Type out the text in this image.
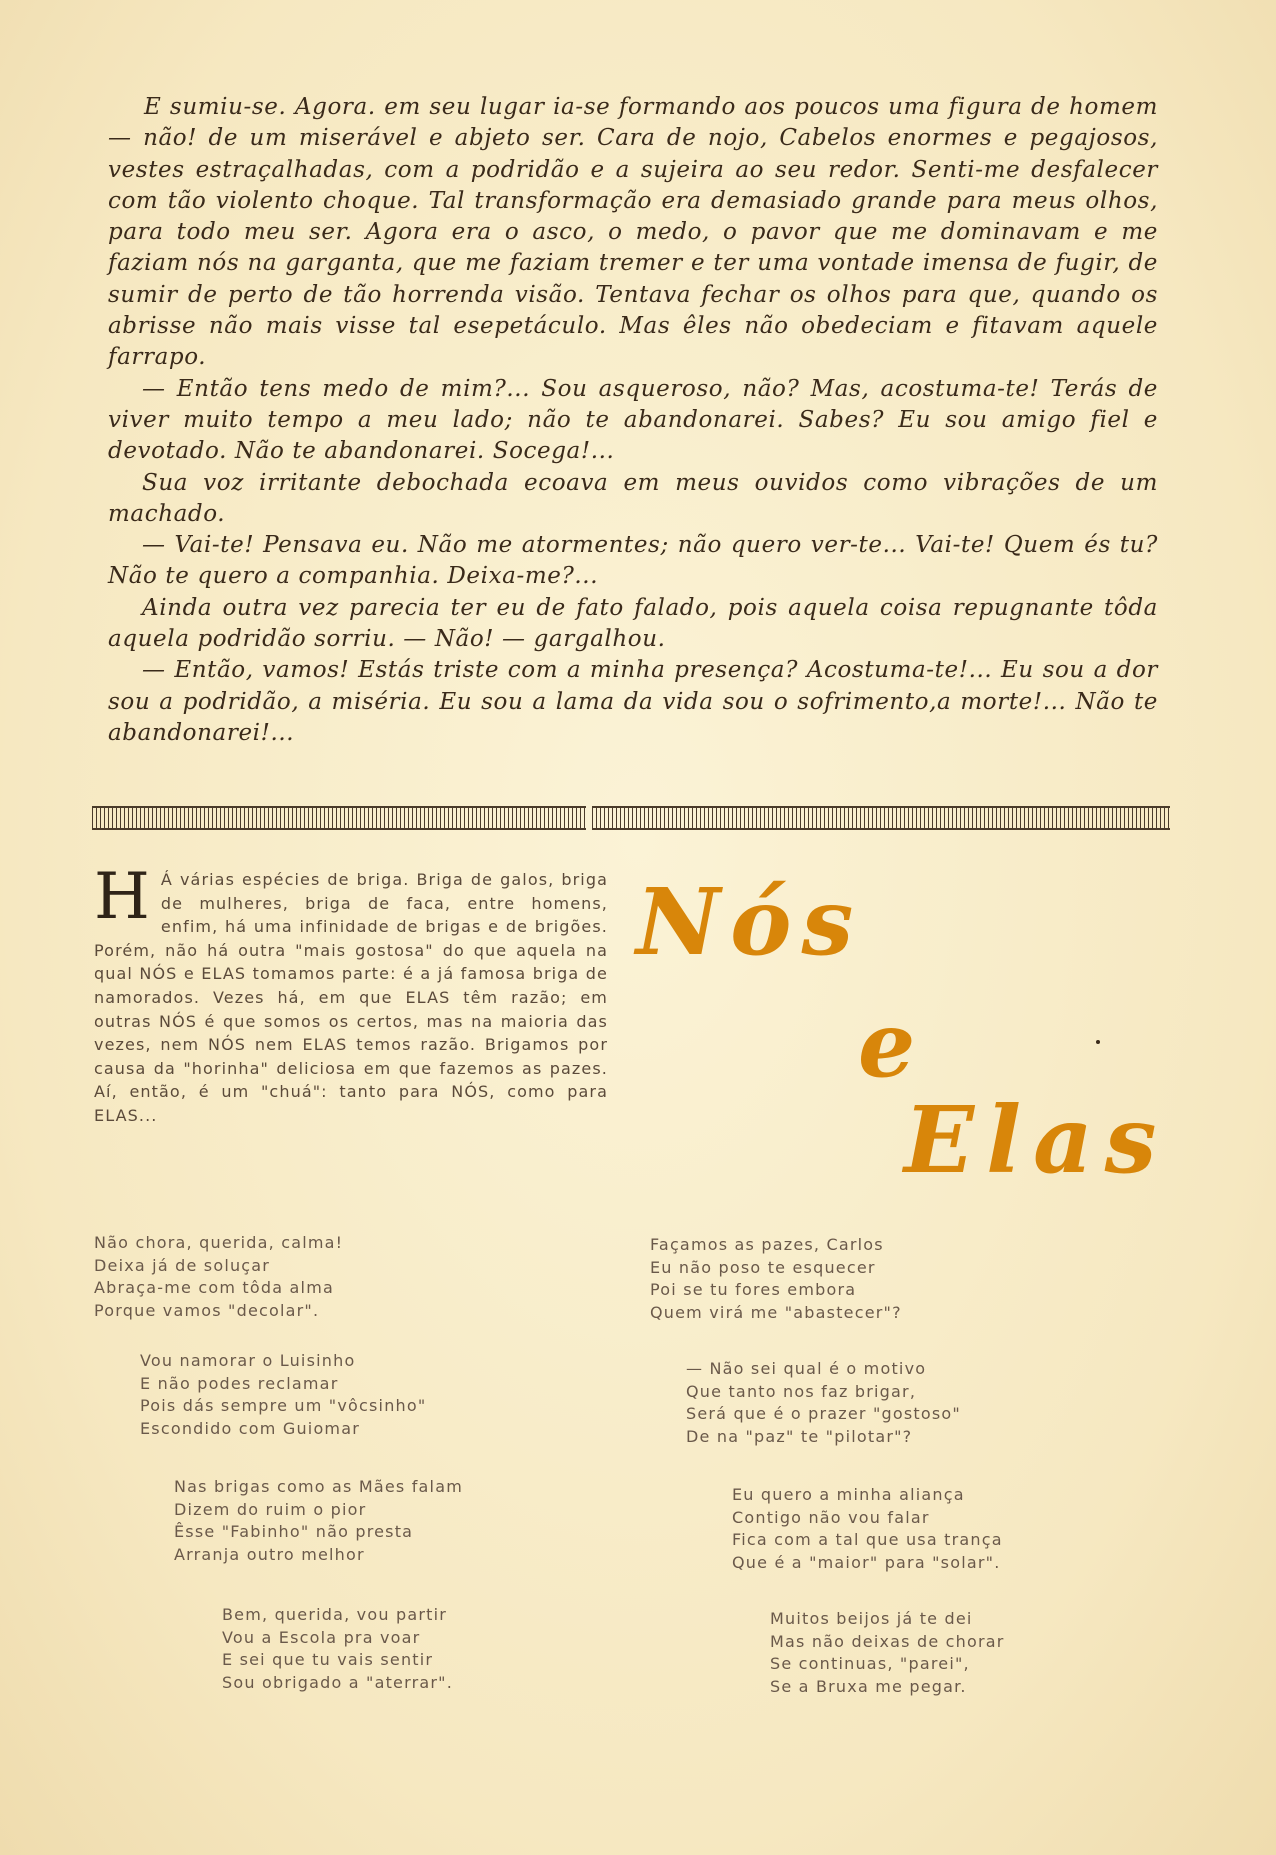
E sumiu-se. Agora. em seu lugar ia-se formando aos poucos uma figura de homem — não! de um miserável e abjeto ser. Cara de nojo, Cabelos enormes e pegajosos, vestes estraçalhadas, com a podridão e a sujeira ao seu redor. Senti-me desfalecer com tão violento choque. Tal transformação era demasiado grande para meus olhos, para todo meu ser. Agora era o asco, o medo, o pavor que me dominavam e me faziam nós na garganta, que me faziam tremer e ter uma vontade imensa de fugir, de sumir de perto de tão horrenda visão. Tentava fechar os olhos para que, quando os abrisse não mais visse tal esepetáculo. Mas êles não obedeciam e fitavam aquele farrapo.

— Então tens medo de mim?... Sou asqueroso, não? Mas, acostuma-te! Terás de viver muito tempo a meu lado; não te abandonarei. Sabes? Eu sou amigo fiel e devotado. Não te abandonarei. Socega!...

Sua voz irritante debochada ecoava em meus ouvidos como vibrações de um machado.

— Vai-te! Pensava eu. Não me atormentes; não quero ver-te... Vai-te! Quem és tu? Não te quero a companhia. Deixa-me?...

Ainda outra vez parecia ter eu de fato falado, pois aquela coisa repugnante tôda aquela podridão sorriu. — Não! — gargalhou.

— Então, vamos! Estás triste com a minha presença? Acostuma-te!... Eu sou a dor sou a podridão, a miséria. Eu sou a lama da vida sou o sofrimento,a morte!... Não te abandonarei!...

H Á várias espécies de briga. Briga de galos, briga de mulheres, briga de faca, entre homens, enfim, há uma infinidade de brigas e de brigões. Porém, não há outra "mais gostosa" do que aquela na qual NÓS e ELAS tomamos parte: é a já famosa briga de namorados. Vezes há, em que ELAS têm razão; em outras NÓS é que somos os certos, mas na maioria das vezes, nem NÓS nem ELAS temos razão. Brigamos por causa da "horinha" deliciosa em que fazemos as pazes. Aí, então, é um "chuá": tanto para NÓS, como para ELAS...
Nós
e
Elas
Não chora, querida, calma!
Deixa já de soluçar
Abraça-me com tôda alma
Porque vamos "decolar".
Vou namorar o Luisinho
E não podes reclamar
Pois dás sempre um "vôcsinho"
Escondido com Guiomar
Nas brigas como as Mães falam
Dizem do ruim o pior
Êsse "Fabinho" não presta
Arranja outro melhor
Bem, querida, vou partir
Vou a Escola pra voar
E sei que tu vais sentir
Sou obrigado a "aterrar".
Façamos as pazes, Carlos
Eu não poso te esquecer
Poi se tu fores embora
Quem virá me "abastecer"?
— Não sei qual é o motivo
Que tanto nos faz brigar,
Será que é o prazer "gostoso"
De na "paz" te "pilotar"?
Eu quero a minha aliança
Contigo não vou falar
Fica com a tal que usa trança
Que é a "maior" para "solar".
Muitos beijos já te dei
Mas não deixas de chorar
Se continuas, "parei",
Se a Bruxa me pegar.
